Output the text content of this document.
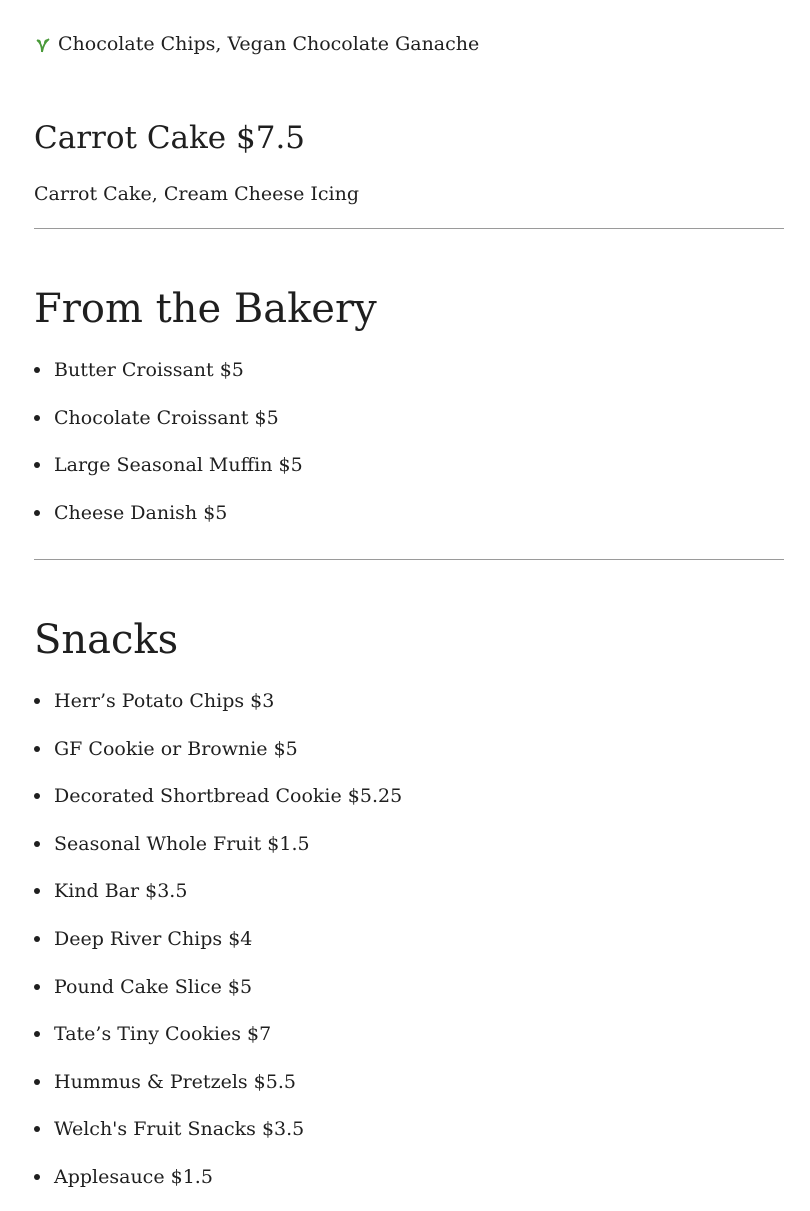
Chocolate Chips, Vegan Chocolate Ganache
Carrot Cake $7.5

Carrot Cake, Cream Cheese Icing

From the Bakery
Butter Croissant $5
Chocolate Croissant $5
Large Seasonal Muffin $5
Cheese Danish $5
Snacks
Herr’s Potato Chips $3
GF Cookie or Brownie $5
Decorated Shortbread Cookie $5.25
Seasonal Whole Fruit $1.5
Kind Bar $3.5
Deep River Chips $4
Pound Cake Slice $5
Tate’s Tiny Cookies $7
Hummus & Pretzels $5.5
Welch's Fruit Snacks $3.5
Applesauce $1.5
